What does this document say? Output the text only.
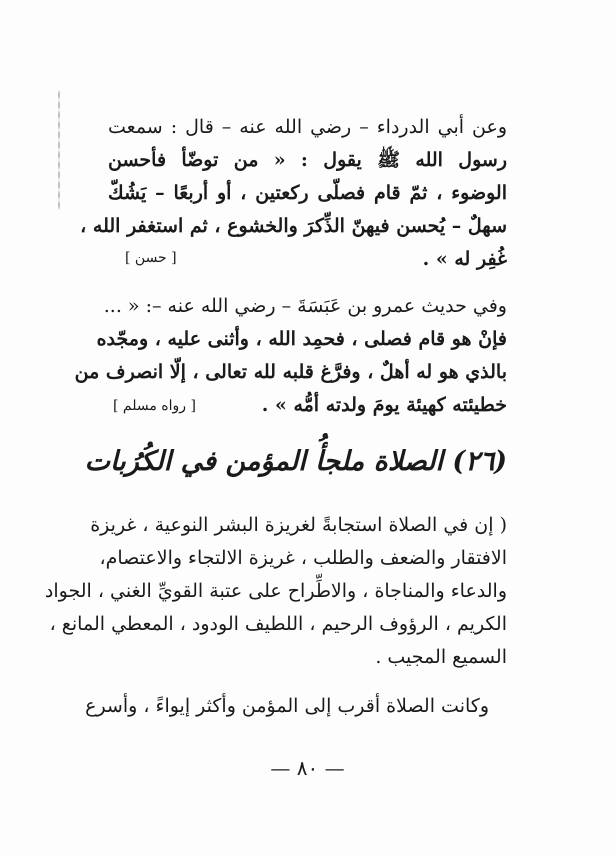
وعن أبي الدرداء – رضي الله عنه – قال : سمعت
رسول الله ﷺ يقول : « من توضّأ فأحسن
الوضوء ، ثمّ قام فصلّى ركعتين ، أو أربعًا – يَشُكّ
سهلٌ – يُحسن فيهنّ الذِّكرَ والخشوع ، ثم استغفر الله ،
غُفِر له » .
[ حسن ]
وفي حديث عمرو بن عَبَسَةَ – رضي الله عنه –: « ...
فإنْ هو قام فصلى ، فحمِد الله ، وأثنى عليه ، ومجّده
بالذي هو له أهلٌ ، وفرَّغ قلبه لله تعالى ، إلّا انصرف من
خطيئته كهيئة يومَ ولدته أمُّه » .
[ رواه مسلم ]
(٢٦) الصلاة ملجأُ المؤمن في الكُرُبات
( إن في الصلاة استجابةً لغريزة البشر النوعية ، غريزة
الافتقار والضعف والطلب ، غريزة الالتجاء والاعتصام،
والدعاء والمناجاة ، والاطِّراح على عتبة القويِّ الغني ، الجواد
الكريم ، الرؤوف الرحيم ، اللطيف الودود ، المعطي المانع ،
السميع المجيب .
وكانت الصلاة أقرب إلى المؤمن وأكثر إيواءً ، وأسرع
— ٨٠ —
